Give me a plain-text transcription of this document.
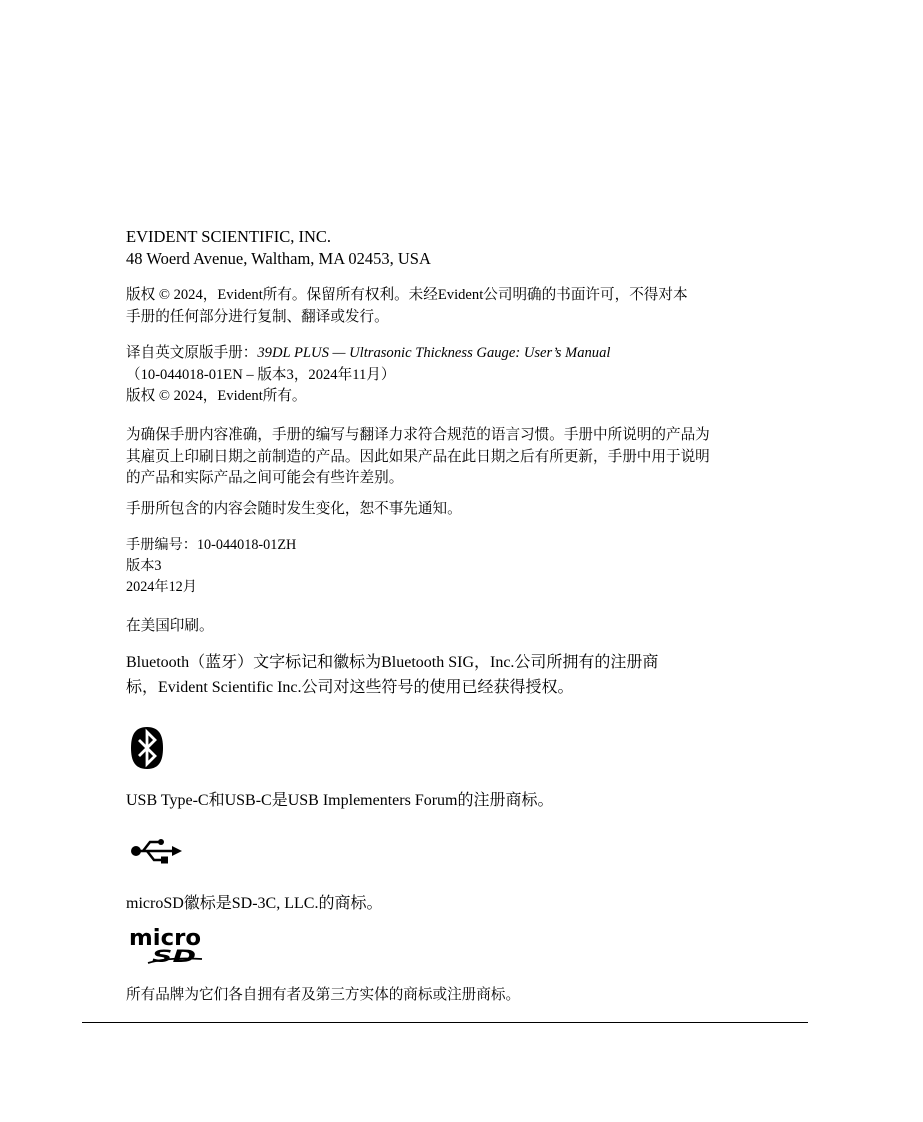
EVIDENT SCIENTIFIC, INC.
48 Woerd Avenue, Waltham, MA 02453, USA
版权 © 2024，Evident所有。保留所有权利。未经Evident公司明确的书面许可，不得对本
手册的任何部分进行复制、翻译或发行。
译自英文原版手册：39DL PLUS — Ultrasonic Thickness Gauge: User’s Manual
（10-044018-01EN – 版本3，2024年11月）
版权 © 2024，Evident所有。
为确保手册内容准确，手册的编写与翻译力求符合规范的语言习惯。手册中所说明的产品为
其雇页上印刷日期之前制造的产品。因此如果产品在此日期之后有所更新，手册中用于说明
的产品和实际产品之间可能会有些许差别。
手册所包含的内容会随时发生变化，恕不事先通知。
手册编号：10-044018-01ZH
版本3
2024年12月
在美国印刷。
Bluetooth（蓝牙）文字标记和徽标为Bluetooth SIG，Inc.公司所拥有的注册商
标，Evident Scientific Inc.公司对这些符号的使用已经获得授权。
USB Type-C和USB-C是USB Implementers Forum的注册商标。
microSD徽标是SD-3C, LLC.的商标。
micro
SD
所有品牌为它们各自拥有者及第三方实体的商标或注册商标。
